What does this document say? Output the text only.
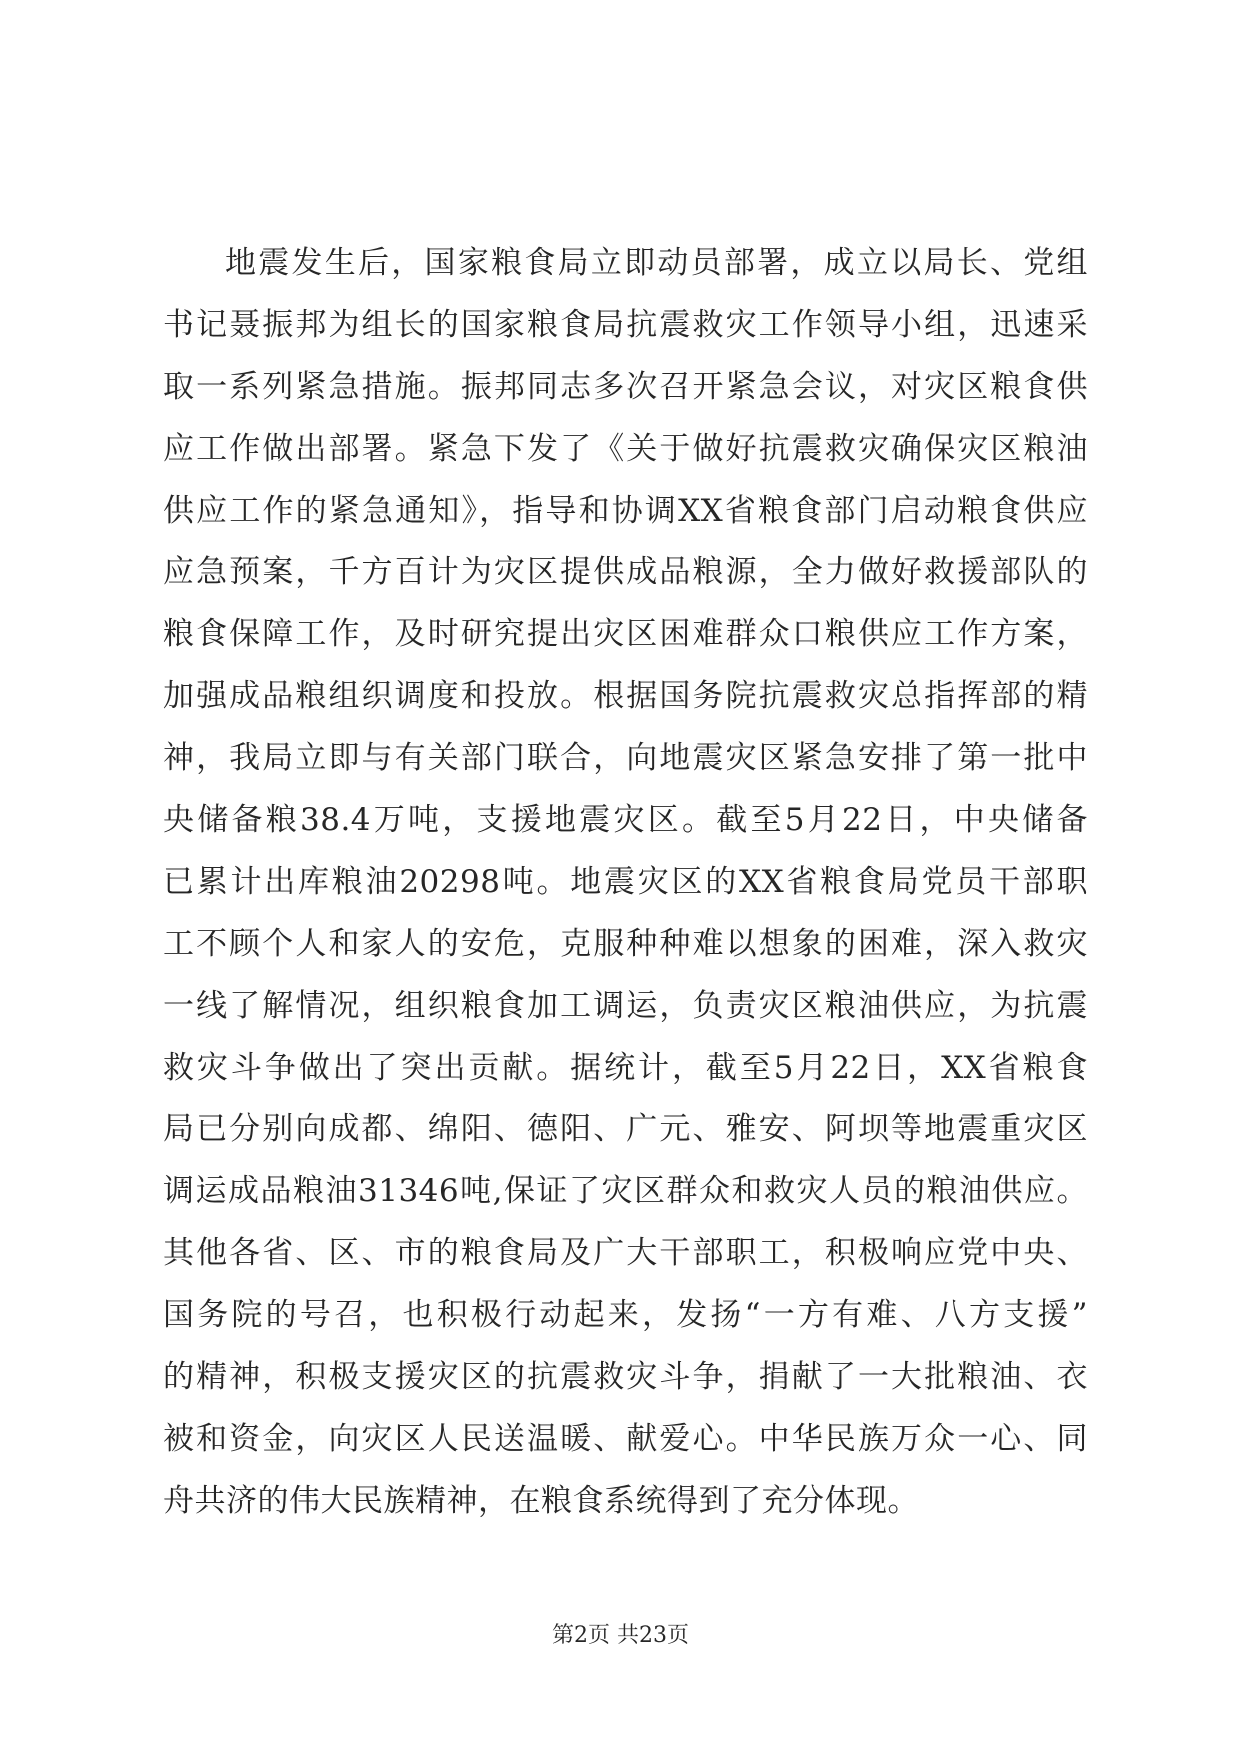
地震发生后，国家粮食局立即动员部署，成立以局长、党组
书记聂振邦为组长的国家粮食局抗震救灾工作领导小组，迅速采
取一系列紧急措施。振邦同志多次召开紧急会议，对灾区粮食供
应工作做出部署。紧急下发了《关于做好抗震救灾确保灾区粮油
供应工作的紧急通知》，指导和协调XX省粮食部门启动粮食供应
应急预案，千方百计为灾区提供成品粮源，全力做好救援部队的
粮食保障工作，及时研究提出灾区困难群众口粮供应工作方案，
加强成品粮组织调度和投放。根据国务院抗震救灾总指挥部的精
神，我局立即与有关部门联合，向地震灾区紧急安排了第一批中
央储备粮38.4万吨，支援地震灾区。截至5月22日，中央储备
已累计出库粮油20298吨。地震灾区的XX省粮食局党员干部职
工不顾个人和家人的安危，克服种种难以想象的困难，深入救灾
一线了解情况，组织粮食加工调运，负责灾区粮油供应，为抗震
救灾斗争做出了突出贡献。据统计，截至5月22日，XX省粮食
局已分别向成都、绵阳、德阳、广元、雅安、阿坝等地震重灾区
调运成品粮油31346吨,保证了灾区群众和救灾人员的粮油供应。
其他各省、区、市的粮食局及广大干部职工，积极响应党中央、
国务院的号召，也积极行动起来，发扬“一方有难、八方支援”
的精神，积极支援灾区的抗震救灾斗争，捐献了一大批粮油、衣
被和资金，向灾区人民送温暖、献爱心。中华民族万众一心、同
舟共济的伟大民族精神，在粮食系统得到了充分体现。
第2页 共23页
